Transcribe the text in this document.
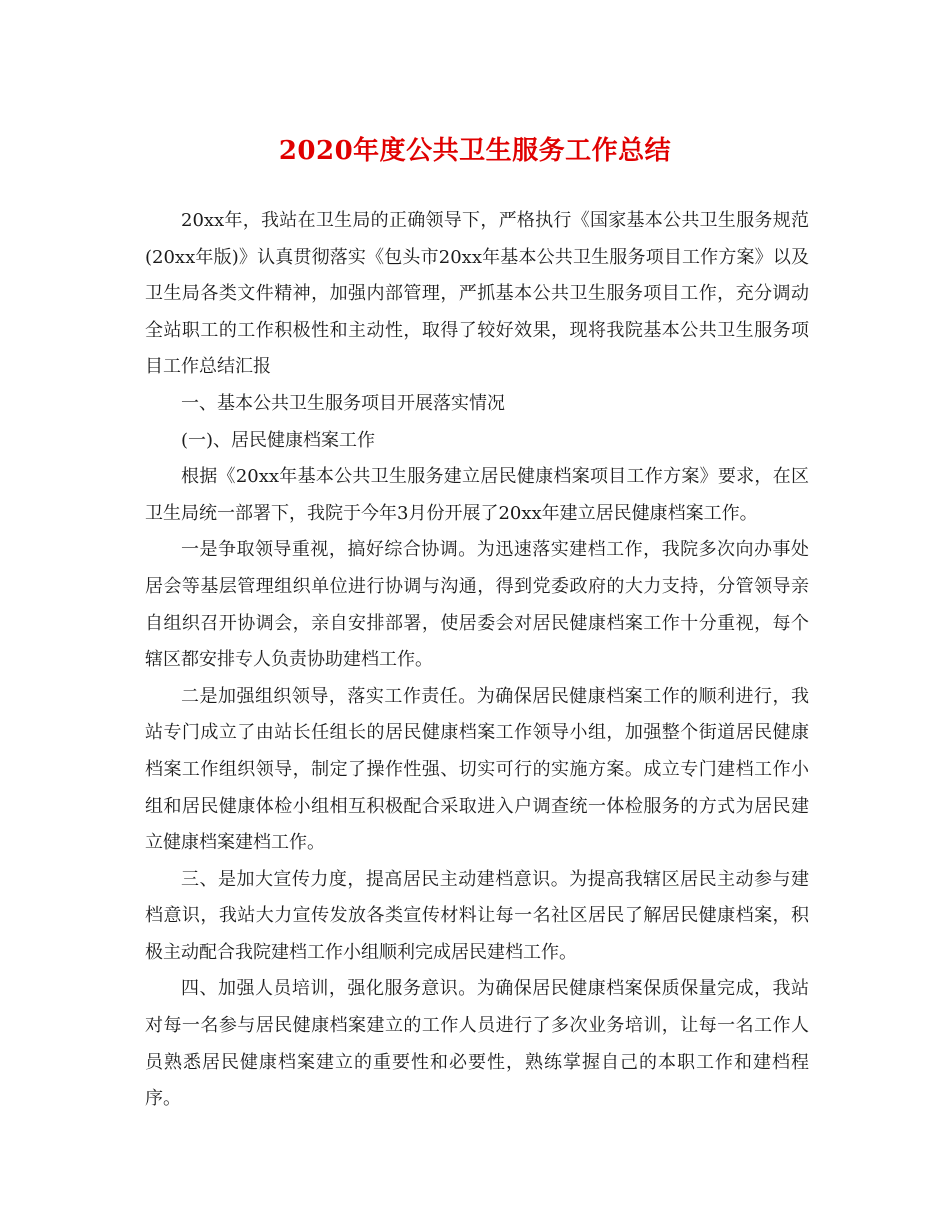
2020年度公共卫生服务工作总结

20xx年，我站在卫生局的正确领导下，严格执行《国家基本公共卫生服务规范(20xx年版)》认真贯彻落实《包头市20xx年基本公共卫生服务项目工作方案》以及卫生局各类文件精神，加强内部管理，严抓基本公共卫生服务项目工作，充分调动全站职工的工作积极性和主动性，取得了较好效果，现将我院基本公共卫生服务项目工作总结汇报

一、基本公共卫生服务项目开展落实情况

(一)、居民健康档案工作

根据《20xx年基本公共卫生服务建立居民健康档案项目工作方案》要求，在区卫生局统一部署下，我院于今年3月份开展了20xx年建立居民健康档案工作。

一是争取领导重视，搞好综合协调。为迅速落实建档工作，我院多次向办事处居会等基层管理组织单位进行协调与沟通，得到党委政府的大力支持，分管领导亲自组织召开协调会，亲自安排部署，使居委会对居民健康档案工作十分重视，每个辖区都安排专人负责协助建档工作。

二是加强组织领导，落实工作责任。为确保居民健康档案工作的顺利进行，我站专门成立了由站长任组长的居民健康档案工作领导小组，加强整个街道居民健康档案工作组织领导，制定了操作性强、切实可行的实施方案。成立专门建档工作小组和居民健康体检小组相互积极配合采取进入户调查统一体检服务的方式为居民建立健康档案建档工作。

三、是加大宣传力度，提高居民主动建档意识。为提高我辖区居民主动参与建档意识，我站大力宣传发放各类宣传材料让每一名社区居民了解居民健康档案，积极主动配合我院建档工作小组顺利完成居民建档工作。

四、加强人员培训，强化服务意识。为确保居民健康档案保质保量完成，我站对每一名参与居民健康档案建立的工作人员进行了多次业务培训，让每一名工作人员熟悉居民健康档案建立的重要性和必要性，熟练掌握自己的本职工作和建档程序。
